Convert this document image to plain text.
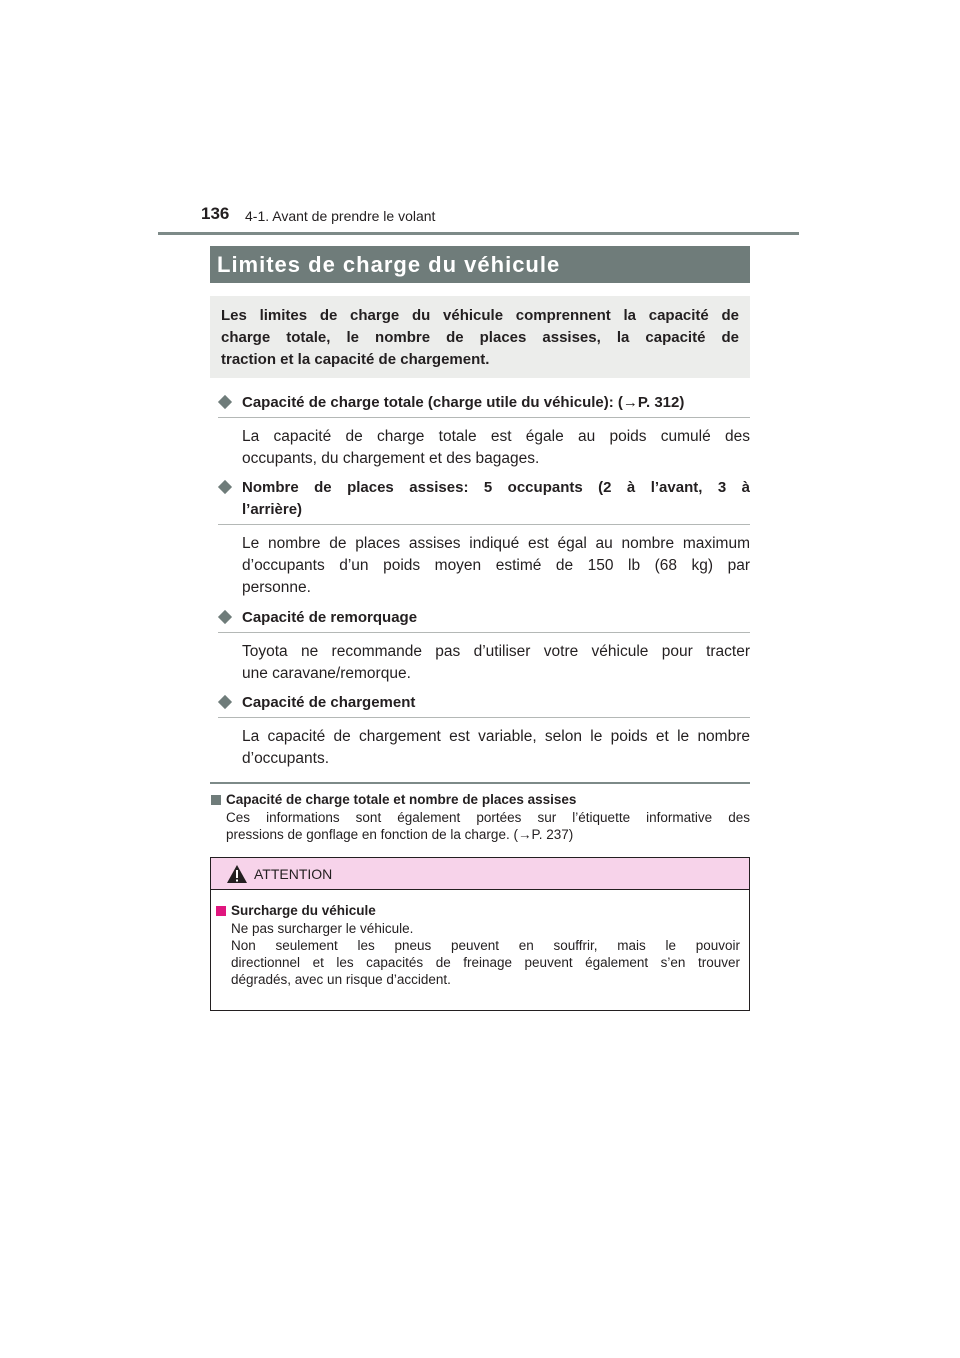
136 4-1. Avant de prendre le volant
Limites de charge du véhicule
Les limites de charge du véhicule comprennent la capacité de
charge totale, le nombre de places assises, la capacité de
traction et la capacité de chargement.
Capacité de charge totale (charge utile du véhicule): (→P. 312)
La capacité de charge totale est égale au poids cumulé des
occupants, du chargement et des bagages.
Nombre de places assises: 5 occupants (2 à l’avant, 3 à
l’arrière)
Le nombre de places assises indiqué est égal au nombre maximum
d’occupants d’un poids moyen estimé de 150 lb (68 kg) par
personne.
Capacité de remorquage
Toyota ne recommande pas d’utiliser votre véhicule pour tracter
une caravane/remorque.
Capacité de chargement
La capacité de chargement est variable, selon le poids et le nombre
d’occupants.
Capacité de charge totale et nombre de places assises
Ces informations sont également portées sur l’étiquette informative des
pressions de gonflage en fonction de la charge. (→P. 237)
ATTENTION
Surcharge du véhicule
Ne pas surcharger le véhicule.
Non seulement les pneus peuvent en souffrir, mais le pouvoir
directionnel et les capacités de freinage peuvent également s’en trouver
dégradés, avec un risque d’accident.
